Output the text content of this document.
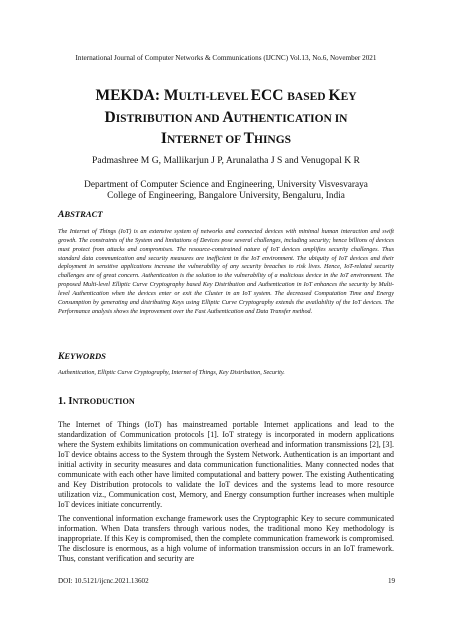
International Journal of Computer Networks & Communications (IJCNC) Vol.13, No.6, November 2021
MEKDA: MULTI-LEVEL ECC BASED KEY
DISTRIBUTION AND AUTHENTICATION IN
INTERNET OF THINGS
Padmashree M G, Mallikarjun J P, Arunalatha J S and Venugopal K R
Department of Computer Science and Engineering, University Visvesvaraya
College of Engineering, Bangalore University, Bengaluru, India
ABSTRACT
The Internet of Things (IoT) is an extensive system of networks and connected devices with minimal human interaction and swift growth. The constraints of the System and limitations of Devices pose several challenges, including security; hence billions of devices must protect from attacks and compromises. The resource-constrained nature of IoT devices amplifies security challenges. Thus standard data communication and security measures are inefficient in the IoT environment. The ubiquity of IoT devices and their deployment in sensitive applications increase the vulnerability of any security breaches to risk lives. Hence, IoT-related security challenges are of great concern. Authentication is the solution to the vulnerability of a malicious device in the IoT environment. The proposed Multi-level Elliptic Curve Cryptography based Key Distribution and Authentication in IoT enhances the security by Multi-level Authentication when the devices enter or exit the Cluster in an IoT system. The decreased Computation Time and Energy Consumption by generating and distributing Keys using Elliptic Curve Cryptography extends the availability of the IoT devices. The Performance analysis shows the improvement over the Fast Authentication and Data Transfer method.
KEYWORDS
Authentication, Elliptic Curve Cryptography, Internet of Things, Key Distribution, Security.
1. INTRODUCTION
The Internet of Things (IoT) has mainstreamed portable Internet applications and lead to the standardization of Communication protocols [1]. IoT strategy is incorporated in modern applications where the System exhibits limitations on communication overhead and information transmissions [2], [3]. IoT device obtains access to the System through the System Network. Authentication is an important and initial activity in security measures and data communication functionalities. Many connected nodes that communicate with each other have limited computational and battery power. The existing Authenticating and Key Distribution protocols to validate the IoT devices and the systems lead to more resource utilization viz., Communication cost, Memory, and Energy consumption further increases when multiple IoT devices initiate concurrently.
The conventional information exchange framework uses the Cryptographic Key to secure communicated information. When Data transfers through various nodes, the traditional mono Key methodology is inappropriate. If this Key is compromised, then the complete communication framework is compromised. The disclosure is enormous, as a high volume of information transmission occurs in an IoT framework. Thus, constant verification and security are
DOI: 10.5121/ijcnc.2021.13602	19
